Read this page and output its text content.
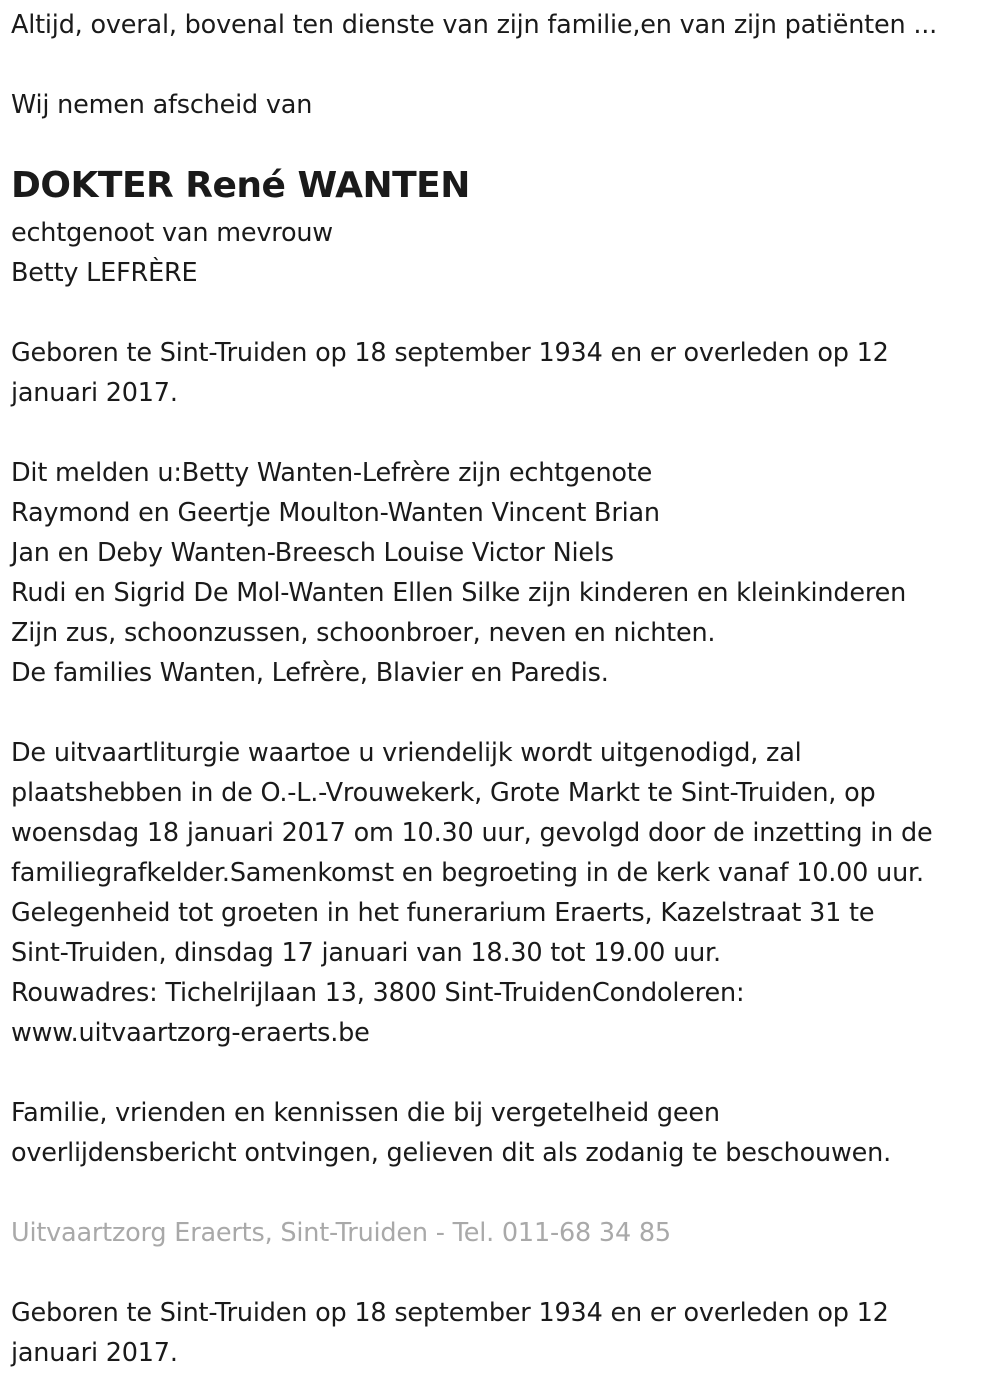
Altijd, overal, bovenal ten dienste van zijn familie,en van zijn patiënten ...
Wij nemen afscheid van
DOKTER René WANTEN
echtgenoot van mevrouw
Betty LEFRÈRE
Geboren te Sint-Truiden op 18 september 1934 en er overleden op 12
januari 2017.
Dit melden u:Betty Wanten-Lefrère zijn echtgenote
Raymond en Geertje Moulton-Wanten Vincent Brian
Jan en Deby Wanten-Breesch Louise Victor Niels
Rudi en Sigrid De Mol-Wanten Ellen Silke zijn kinderen en kleinkinderen
Zijn zus, schoonzussen, schoonbroer, neven en nichten.
De families Wanten, Lefrère, Blavier en Paredis.
De uitvaartliturgie waartoe u vriendelijk wordt uitgenodigd, zal
plaatshebben in de O.-L.-Vrouwekerk, Grote Markt te Sint-Truiden, op
woensdag 18 januari 2017 om 10.30 uur, gevolgd door de inzetting in de
familiegrafkelder.Samenkomst en begroeting in de kerk vanaf 10.00 uur.
Gelegenheid tot groeten in het funerarium Eraerts, Kazelstraat 31 te
Sint-Truiden, dinsdag 17 januari van 18.30 tot 19.00 uur.
Rouwadres: Tichelrijlaan 13, 3800 Sint-TruidenCondoleren:
www.uitvaartzorg-eraerts.be
Familie, vrienden en kennissen die bij vergetelheid geen
overlijdensbericht ontvingen, gelieven dit als zodanig te beschouwen.
Uitvaartzorg Eraerts, Sint-Truiden - Tel. 011-68 34 85
Geboren te Sint-Truiden op 18 september 1934 en er overleden op 12
januari 2017.
